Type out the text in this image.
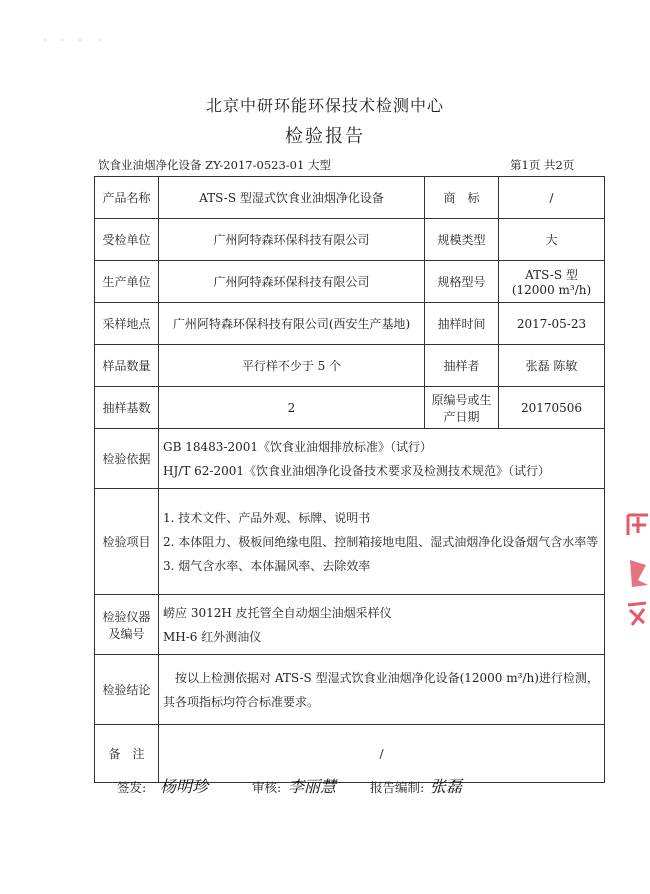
北京中研环能环保技术检测中心
检验报告
饮食业油烟净化设备 ZY-2017-0523-01 大型	第1页 共2页
产品名称	ATS-S 型湿式饮食业油烟净化设备	商　标	/
受检单位	广州阿特森环保科技有限公司	规模类型	大
生产单位	广州阿特森环保科技有限公司	规格型号	ATS-S 型
(12000 m³/h)

采样地点	广州阿特森环保科技有限公司(西安生产基地)	抽样时间	2017-05-23
样品数量	平行样不少于 5 个	抽样者	张磊 陈敏
抽样基数	2	原编号或生产日期	20170506
检验依据	GB 18483-2001《饮食业油烟排放标准》（试行）
HJ/T 62-2001《饮食业油烟净化设备技术要求及检测技术规范》（试行）		

检验项目	1. 技术文件、产品外观、标牌、说明书
2. 本体阻力、极板间绝缘电阻、控制箱接地电阻、湿式油烟净化设备烟气含水率等
3. 烟气含水率、本体漏风率、去除效率		

检验仪器及编号	崂应 3012H 皮托管全自动烟尘油烟采样仪
MH-6 红外测油仪		

检验结论	按以上检测依据对 ATS-S 型湿式饮食业油烟净化设备(12000 m³/h)进行检测，其各项指标均符合标准要求。		
备　注	/		
签发: 杨明珍	审核: 李丽慧	报告编制: 张磊
